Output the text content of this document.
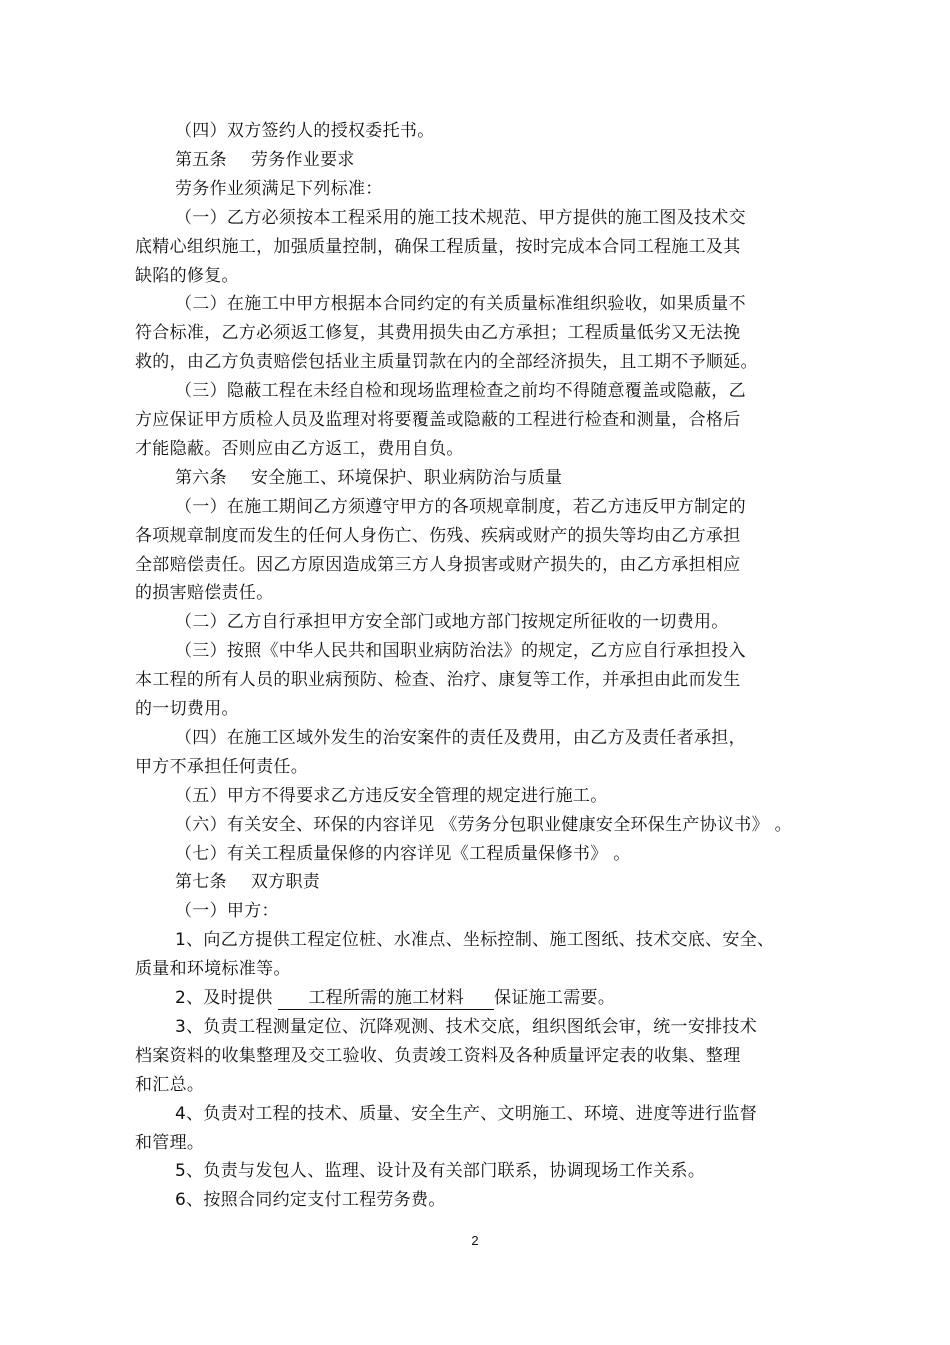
（四）双方签约人的授权委托书。
第五条 劳务作业要求
劳务作业须满足下列标准：
（一）乙方必须按本工程采用的施工技术规范、甲方提供的施工图及技术交
底精心组织施工，加强质量控制，确保工程质量，按时完成本合同工程施工及其
缺陷的修复。
（二）在施工中甲方根据本合同约定的有关质量标准组织验收，如果质量不
符合标准，乙方必须返工修复，其费用损失由乙方承担；工程质量低劣又无法挽
救的，由乙方负责赔偿包括业主质量罚款在内的全部经济损失，且工期不予顺延。
（三）隐蔽工程在未经自检和现场监理检查之前均不得随意覆盖或隐蔽，乙
方应保证甲方质检人员及监理对将要覆盖或隐蔽的工程进行检查和测量，合格后
才能隐蔽。否则应由乙方返工，费用自负。
第六条 安全施工、环境保护、职业病防治与质量
（一）在施工期间乙方须遵守甲方的各项规章制度，若乙方违反甲方制定的
各项规章制度而发生的任何人身伤亡、伤残、疾病或财产的损失等均由乙方承担
全部赔偿责任。因乙方原因造成第三方人身损害或财产损失的，由乙方承担相应
的损害赔偿责任。
（二）乙方自行承担甲方安全部门或地方部门按规定所征收的一切费用。
（三）按照《中华人民共和国职业病防治法》的规定，乙方应自行承担投入
本工程的所有人员的职业病预防、检查、治疗、康复等工作，并承担由此而发生
的一切费用。
（四）在施工区域外发生的治安案件的责任及费用，由乙方及责任者承担，
甲方不承担任何责任。
（五）甲方不得要求乙方违反安全管理的规定进行施工。
（六）有关安全、环保的内容详见 《劳务分包职业健康安全环保生产协议书》 。
（七）有关工程质量保修的内容详见《工程质量保修书》 。
第七条 双方职责
（一）甲方：
1、向乙方提供工程定位桩、水准点、坐标控制、施工图纸、技术交底、安全、
质量和环境标准等。
2、及时提供 工程所需的施工材料 保证施工需要。
3、负责工程测量定位、沉降观测、技术交底，组织图纸会审，统一安排技术
档案资料的收集整理及交工验收、负责竣工资料及各种质量评定表的收集、整理
和汇总。
4、负责对工程的技术、质量、安全生产、文明施工、环境、进度等进行监督
和管理。
5、负责与发包人、监理、设计及有关部门联系，协调现场工作关系。
6、按照合同约定支付工程劳务费。
2
